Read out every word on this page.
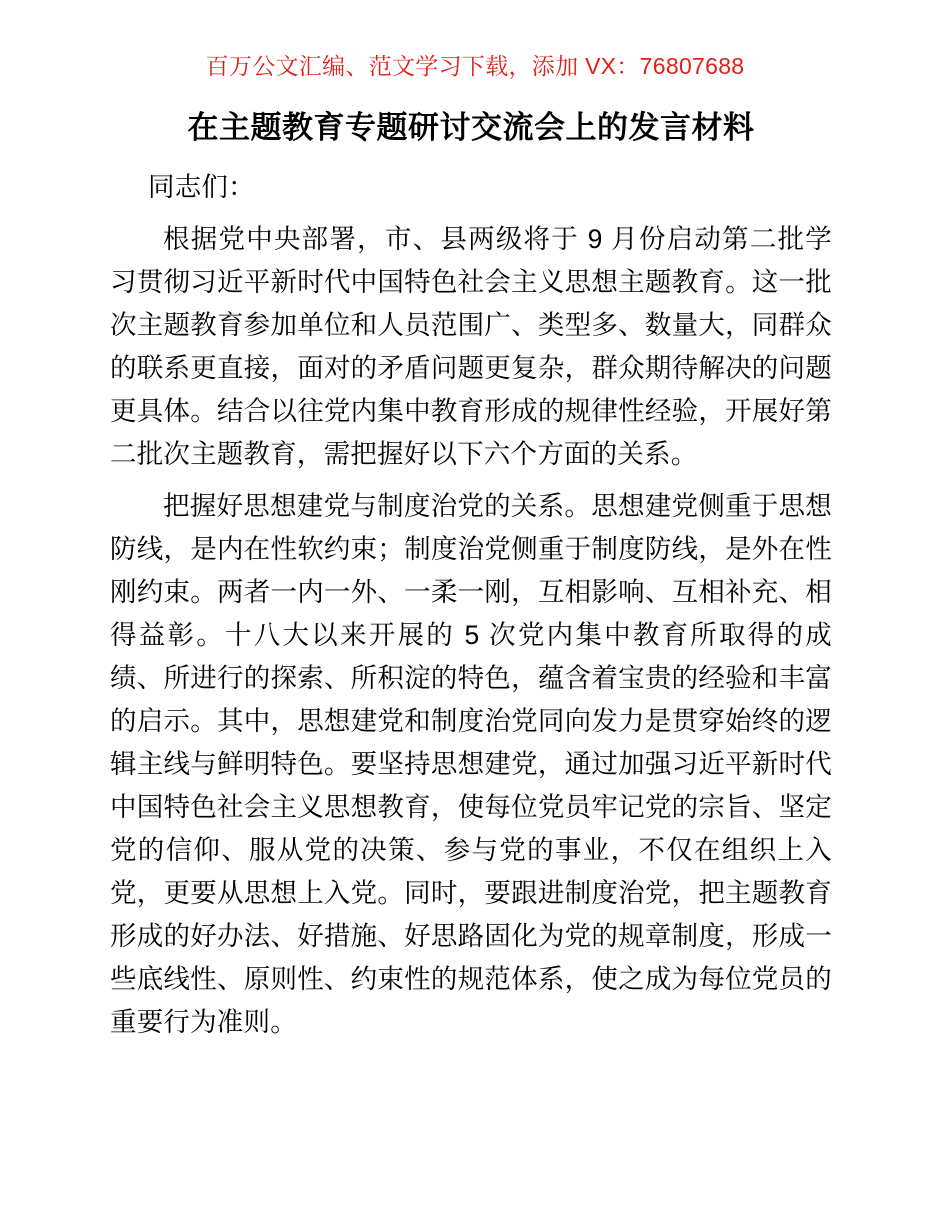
百万公文汇编、范文学习下载，添加 VX：76807688
在主题教育专题研讨交流会上的发言材料

同志们：

根据党中央部署，市、县两级将于 9 月份启动第二批学习贯彻习近平新时代中国特色社会主义思想主题教育。这一批次主题教育参加单位和人员范围广、类型多、数量大，同群众的联系更直接，面对的矛盾问题更复杂，群众期待解决的问题更具体。结合以往党内集中教育形成的规律性经验，开展好第二批次主题教育，需把握好以下六个方面的关系。

把握好思想建党与制度治党的关系。思想建党侧重于思想防线，是内在性软约束；制度治党侧重于制度防线，是外在性刚约束。两者一内一外、一柔一刚，互相影响、互相补充、相得益彰。十八大以来开展的 5 次党内集中教育所取得的成绩、所进行的探索、所积淀的特色，蕴含着宝贵的经验和丰富的启示。其中，思想建党和制度治党同向发力是贯穿始终的逻辑主线与鲜明特色。要坚持思想建党，通过加强习近平新时代中国特色社会主义思想教育，使每位党员牢记党的宗旨、坚定党的信仰、服从党的决策、参与党的事业，不仅在组织上入党，更要从思想上入党。同时，要跟进制度治党，把主题教育形成的好办法、好措施、好思路固化为党的规章制度，形成一些底线性、原则性、约束性的规范体系，使之成为每位党员的重要行为准则。
